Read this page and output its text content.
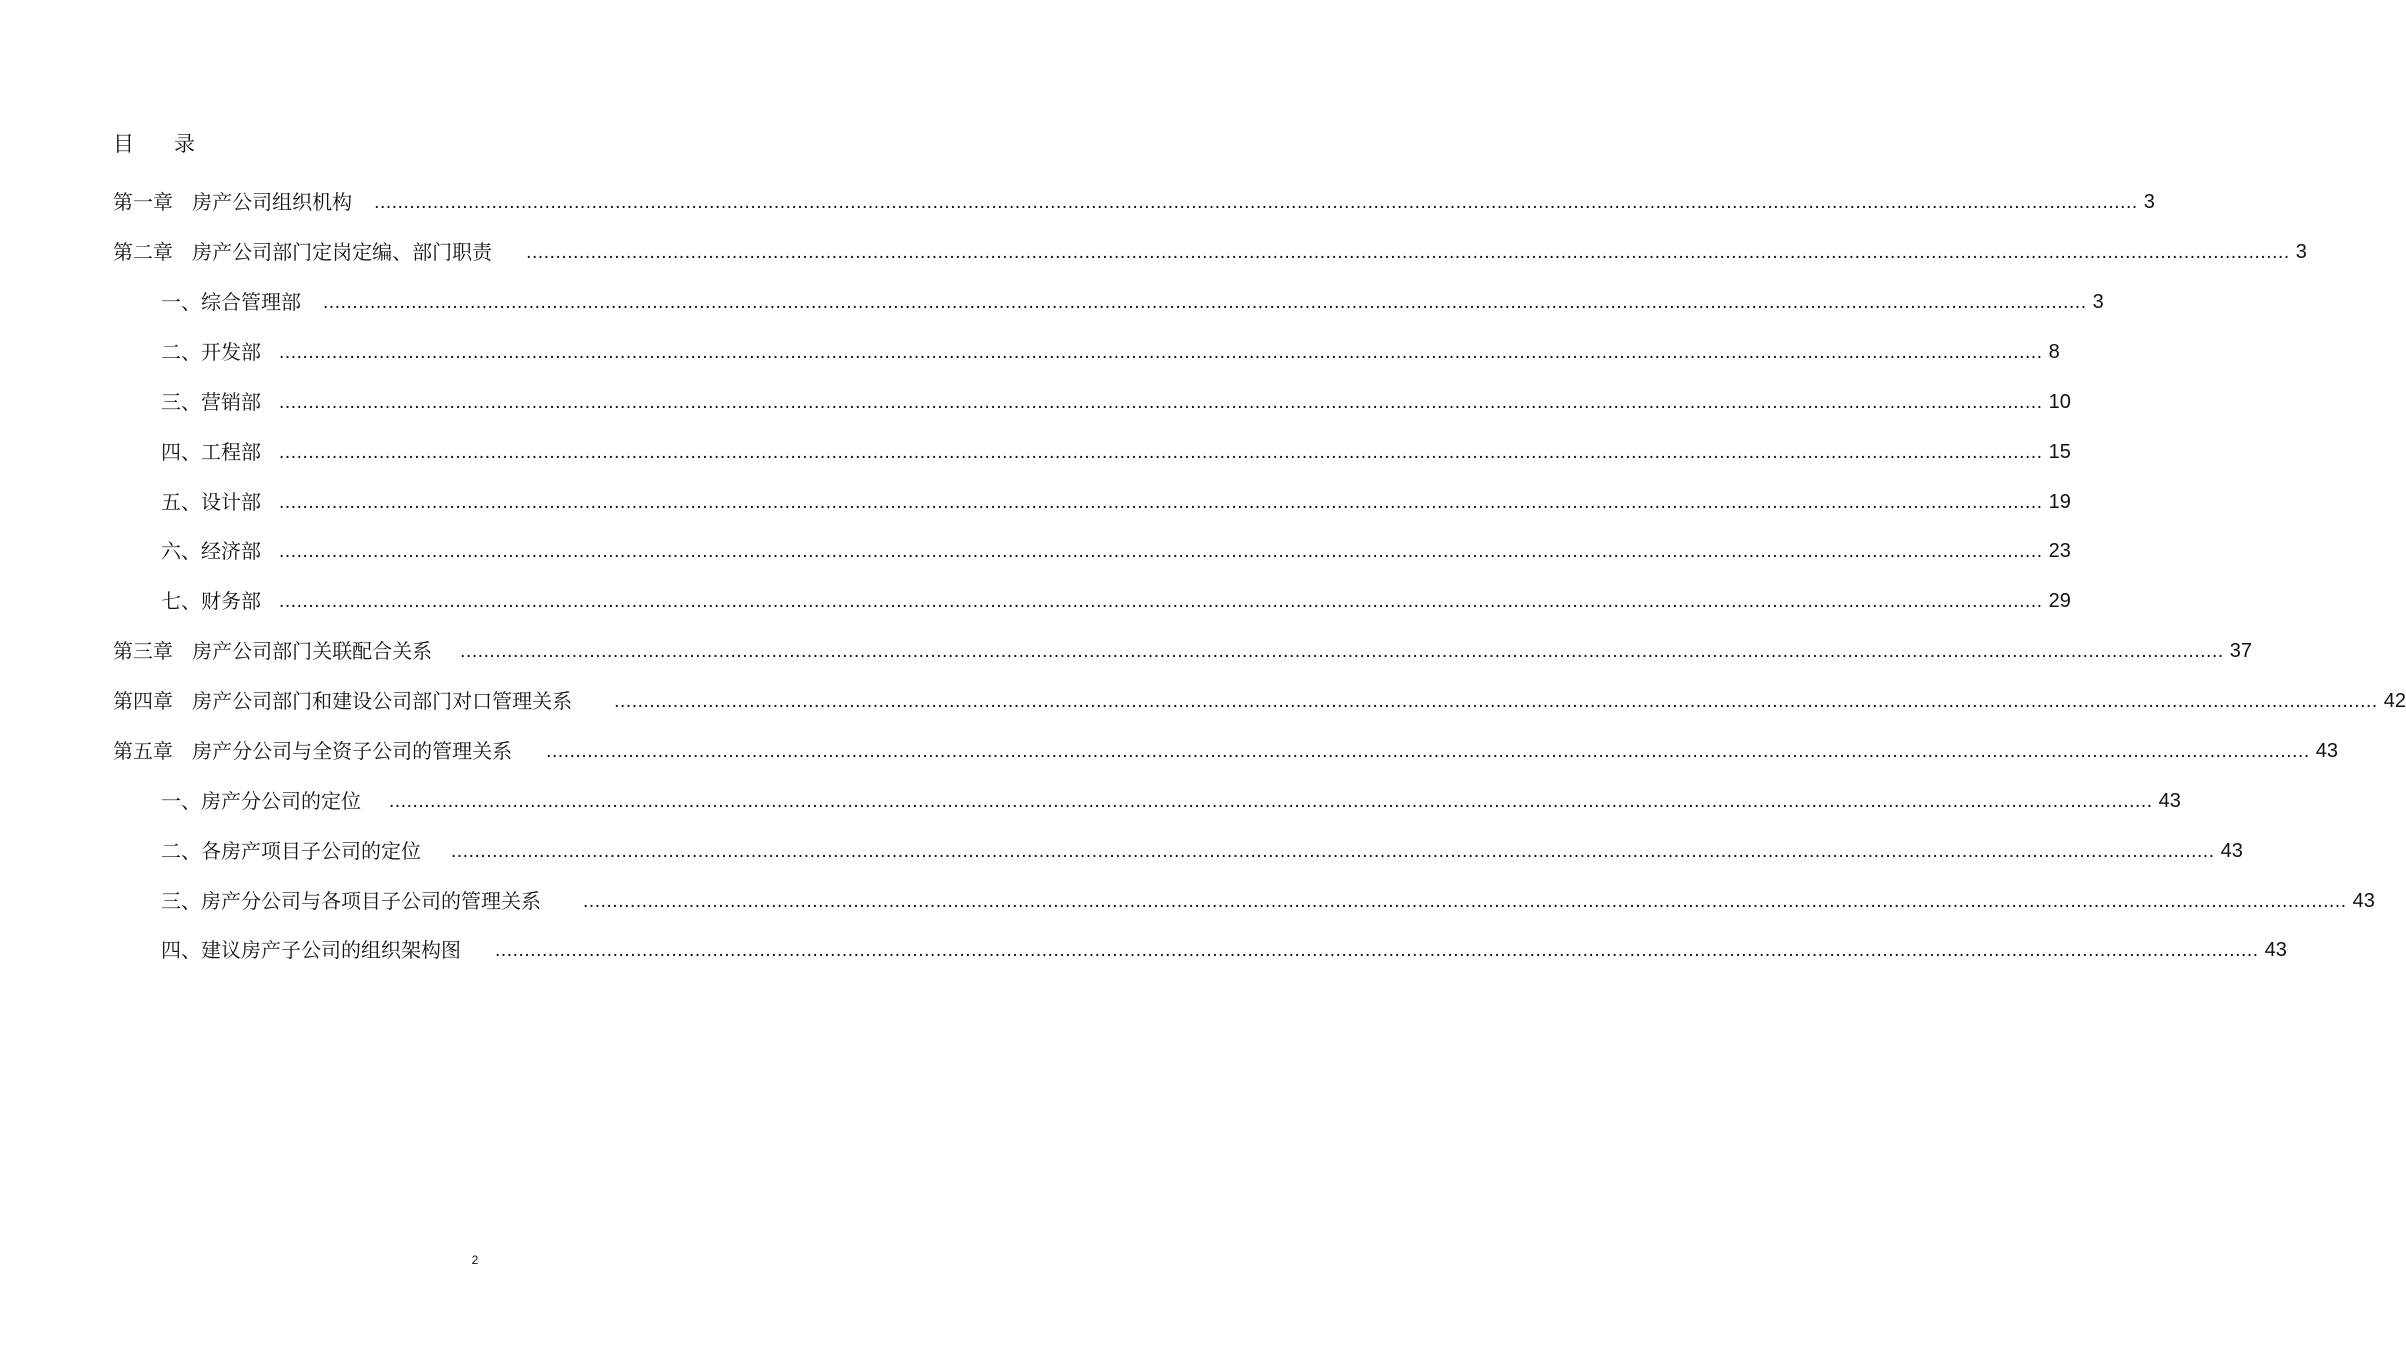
目      录
第一章   房产公司组织机构 ............................................................................................................................................................................................................................................................................................................ 3
第二章   房产公司部门定岗定编、部门职责 ............................................................................................................................................................................................................................................................................................................ 3
一、综合管理部 ............................................................................................................................................................................................................................................................................................................ 3
二、开发部 ............................................................................................................................................................................................................................................................................................................ 8
三、营销部 ............................................................................................................................................................................................................................................................................................................ 10
四、工程部 ............................................................................................................................................................................................................................................................................................................ 15
五、设计部 ............................................................................................................................................................................................................................................................................................................ 19
六、经济部 ............................................................................................................................................................................................................................................................................................................ 23
七、财务部 ............................................................................................................................................................................................................................................................................................................ 29
第三章   房产公司部门关联配合关系 ............................................................................................................................................................................................................................................................................................................ 37
第四章   房产公司部门和建设公司部门对口管理关系 ............................................................................................................................................................................................................................................................................................................ 42
第五章   房产分公司与全资子公司的管理关系 ............................................................................................................................................................................................................................................................................................................ 43
一、房产分公司的定位 ............................................................................................................................................................................................................................................................................................................ 43
二、各房产项目子公司的定位 ............................................................................................................................................................................................................................................................................................................ 43
三、房产分公司与各项目子公司的管理关系 ............................................................................................................................................................................................................................................................................................................ 43
四、建议房产子公司的组织架构图 ............................................................................................................................................................................................................................................................................................................ 43
2
